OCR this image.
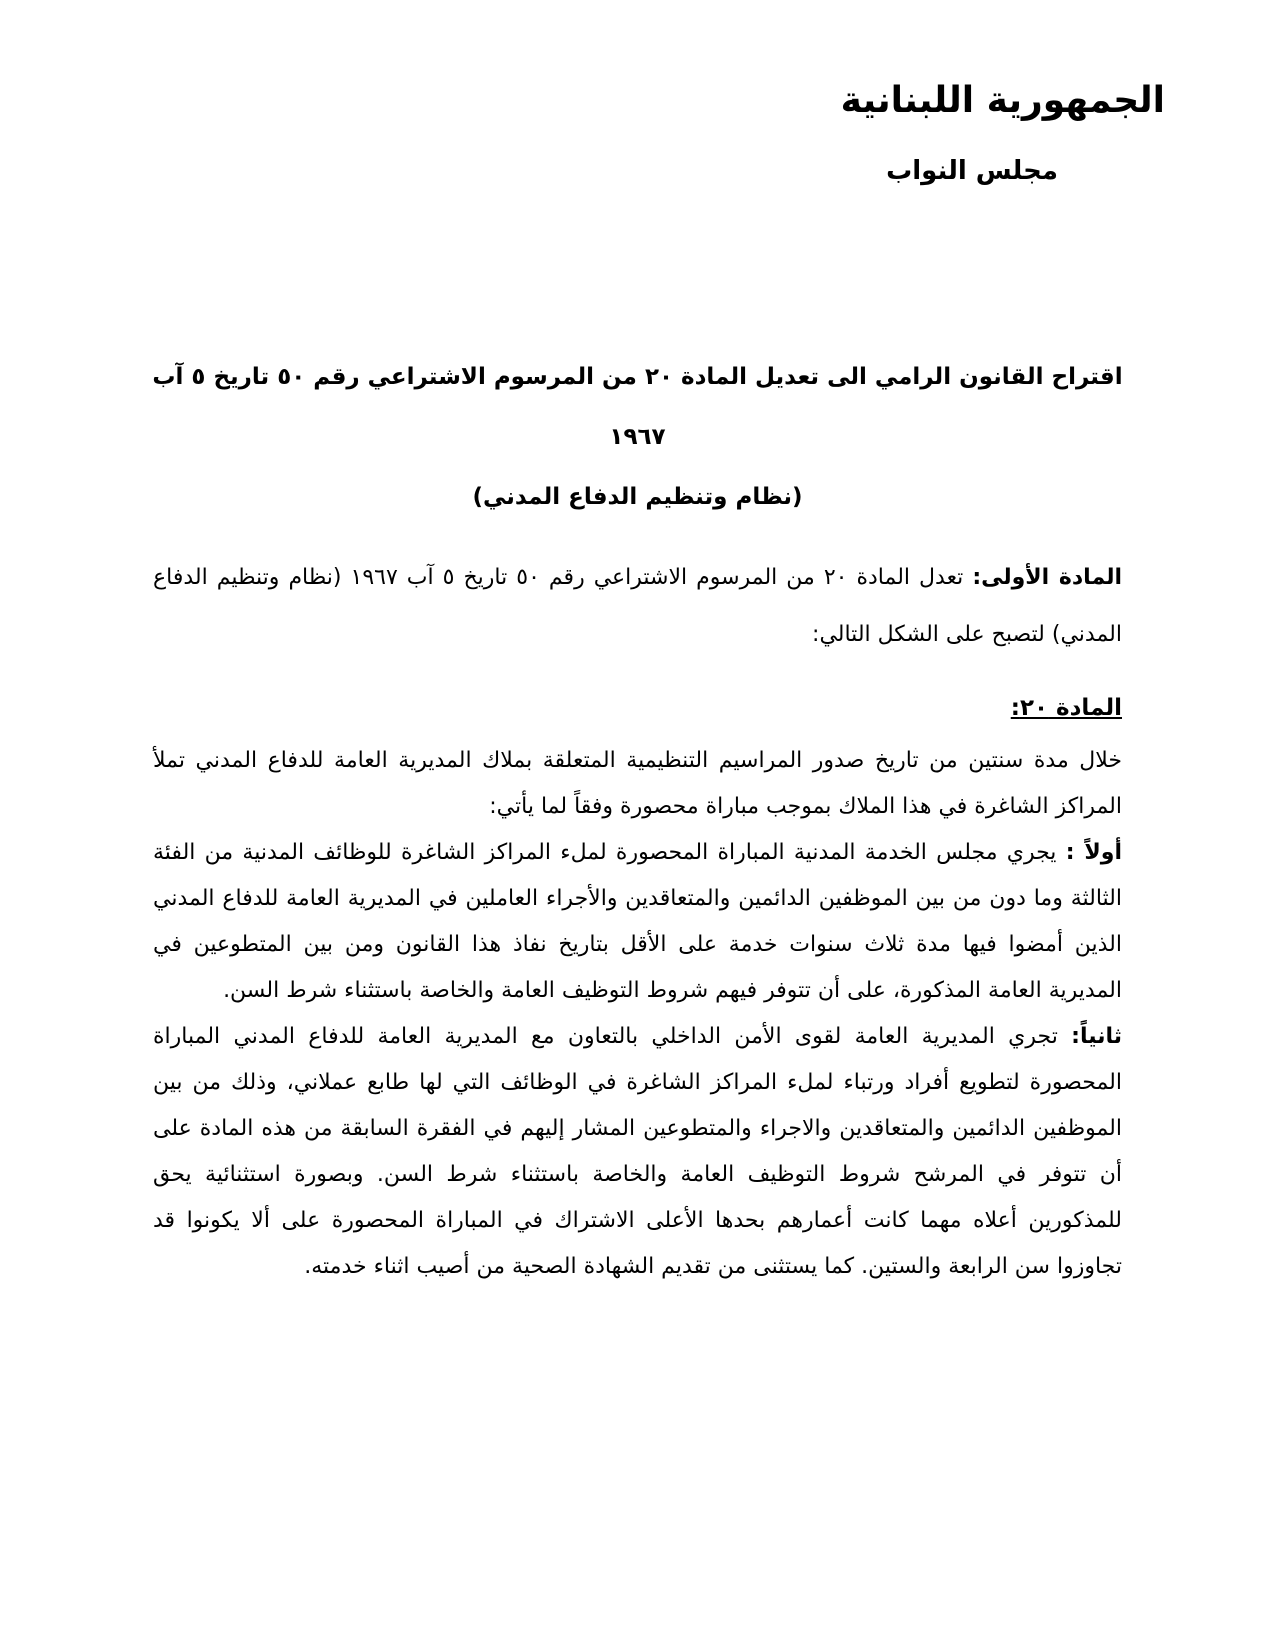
الجمهورية اللبنانية
مجلس النواب
اقتراح القانون الرامي الى تعديل المادة ٢٠ من المرسوم الاشتراعي رقم ٥٠ تاريخ ٥ آب ١٩٦٧
(نظام وتنظيم الدفاع المدني)

المادة الأولى: تعدل المادة ٢٠ من المرسوم الاشتراعي رقم ٥٠ تاريخ ٥ آب ١٩٦٧ (نظام وتنظيم الدفاع المدني) لتصبح على الشكل التالي:

المادة ٢٠:

خلال مدة سنتين من تاريخ صدور المراسيم التنظيمية المتعلقة بملاك المديرية العامة للدفاع المدني تملأ المراكز الشاغرة في هذا الملاك بموجب مباراة محصورة وفقاً لما يأتي:

أولاً : يجري مجلس الخدمة المدنية المباراة المحصورة لملء المراكز الشاغرة للوظائف المدنية من الفئة الثالثة وما دون من بين الموظفين الدائمين والمتعاقدين والأجراء العاملين في المديرية العامة للدفاع المدني الذين أمضوا فيها مدة ثلاث سنوات خدمة على الأقل بتاريخ نفاذ هذا القانون ومن بين المتطوعين في المديرية العامة المذكورة، على أن تتوفر فيهم شروط التوظيف العامة والخاصة باستثناء شرط السن.

ثانياً: تجري المديرية العامة لقوى الأمن الداخلي بالتعاون مع المديرية العامة للدفاع المدني المباراة المحصورة لتطويع أفراد ورتباء لملء المراكز الشاغرة في الوظائف التي لها طابع عملاني، وذلك من بين الموظفين الدائمين والمتعاقدين والاجراء والمتطوعين المشار إليهم في الفقرة السابقة من هذه المادة على أن تتوفر في المرشح شروط التوظيف العامة والخاصة باستثناء شرط السن. وبصورة استثنائية يحق للمذكورين أعلاه مهما كانت أعمارهم بحدها الأعلى الاشتراك في المباراة المحصورة على ألا يكونوا قد تجاوزوا سن الرابعة والستين. كما يستثنى من تقديم الشهادة الصحية من أصيب اثناء خدمته.
